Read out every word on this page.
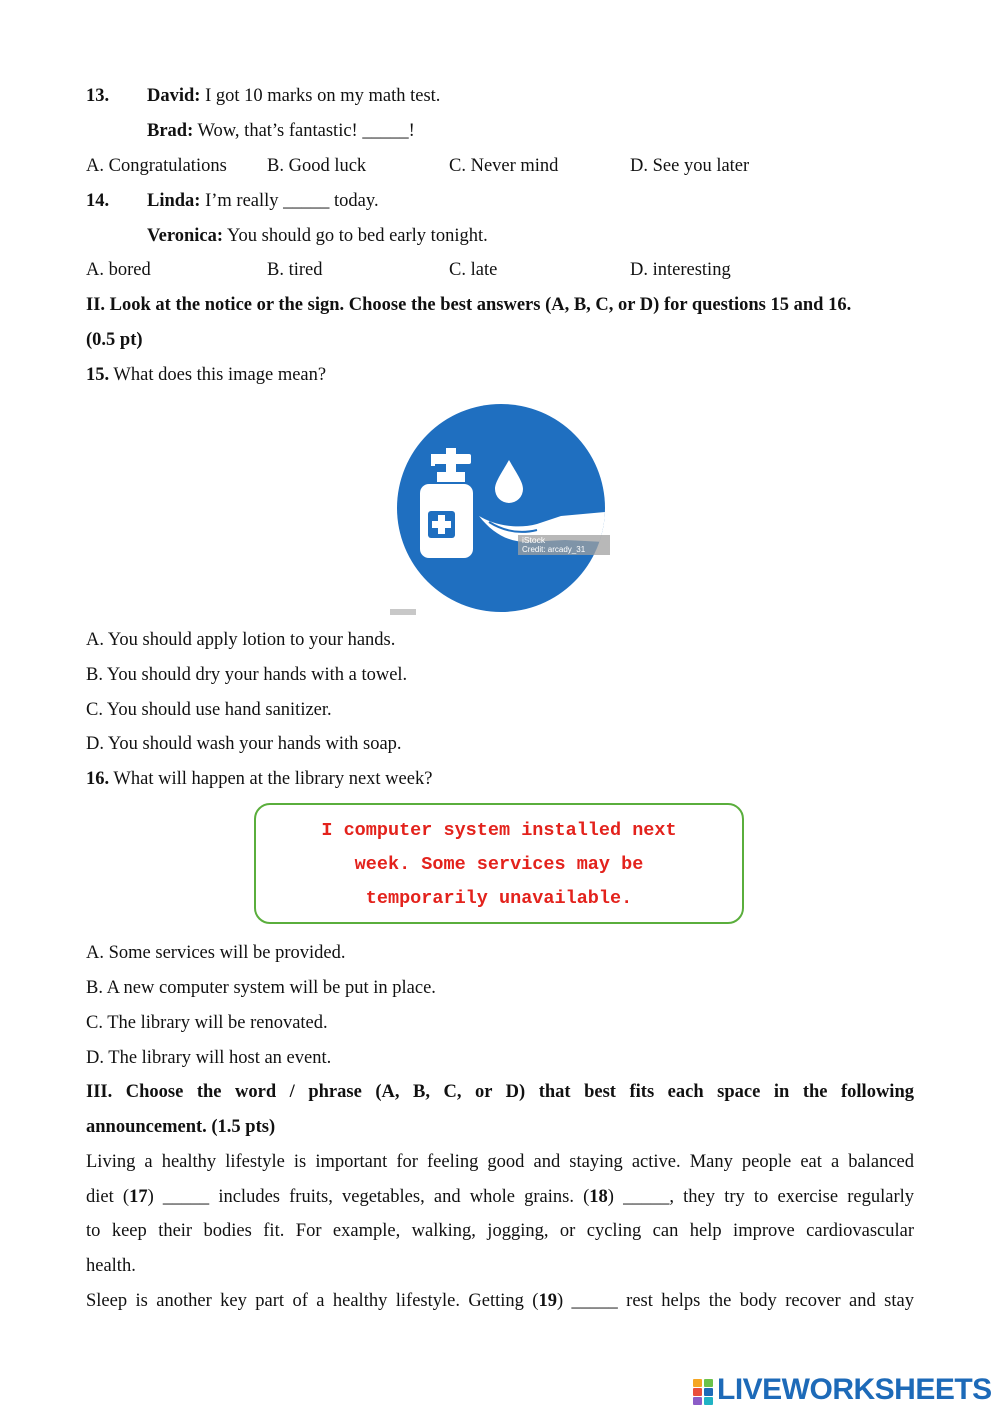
13. David: I got 10 marks on my math test.
Brad: Wow, that’s fantastic! _____!
A. Congratulations B. Good luck	C. Never mind	D. See you later
14. Linda: I’m really _____ today.
Veronica: You should go to bed early tonight.
A. bored	B. tired	C. late	D. interesting
II. Look at the notice or the sign. Choose the best answers (A, B, C, or D) for questions 15 and 16.
(0.5 pt)
15. What does this image mean?
iStock
Credit: arcady_31
A. You should apply lotion to your hands.
B. You should dry your hands with a towel.
C. You should use hand sanitizer.
D. You should wash your hands with soap.
16. What will happen at the library next week?
I computer system installed next
week. Some services may be
temporarily unavailable.
A. Some services will be provided.
B. A new computer system will be put in place.
C. The library will be renovated.
D. The library will host an event.
III. Choose the word / phrase (A, B, C, or D) that best fits each space in the following
announcement. (1.5 pts)
Living a healthy lifestyle is important for feeling good and staying active. Many people eat a balanced
diet (17) _____ includes fruits, vegetables, and whole grains. (18) _____, they try to exercise regularly
to keep their bodies fit. For example, walking, jogging, or cycling can help improve cardiovascular
health.
Sleep is another key part of a healthy lifestyle. Getting (19) _____ rest helps the body recover and stay
LIVEWORKSHEETS
